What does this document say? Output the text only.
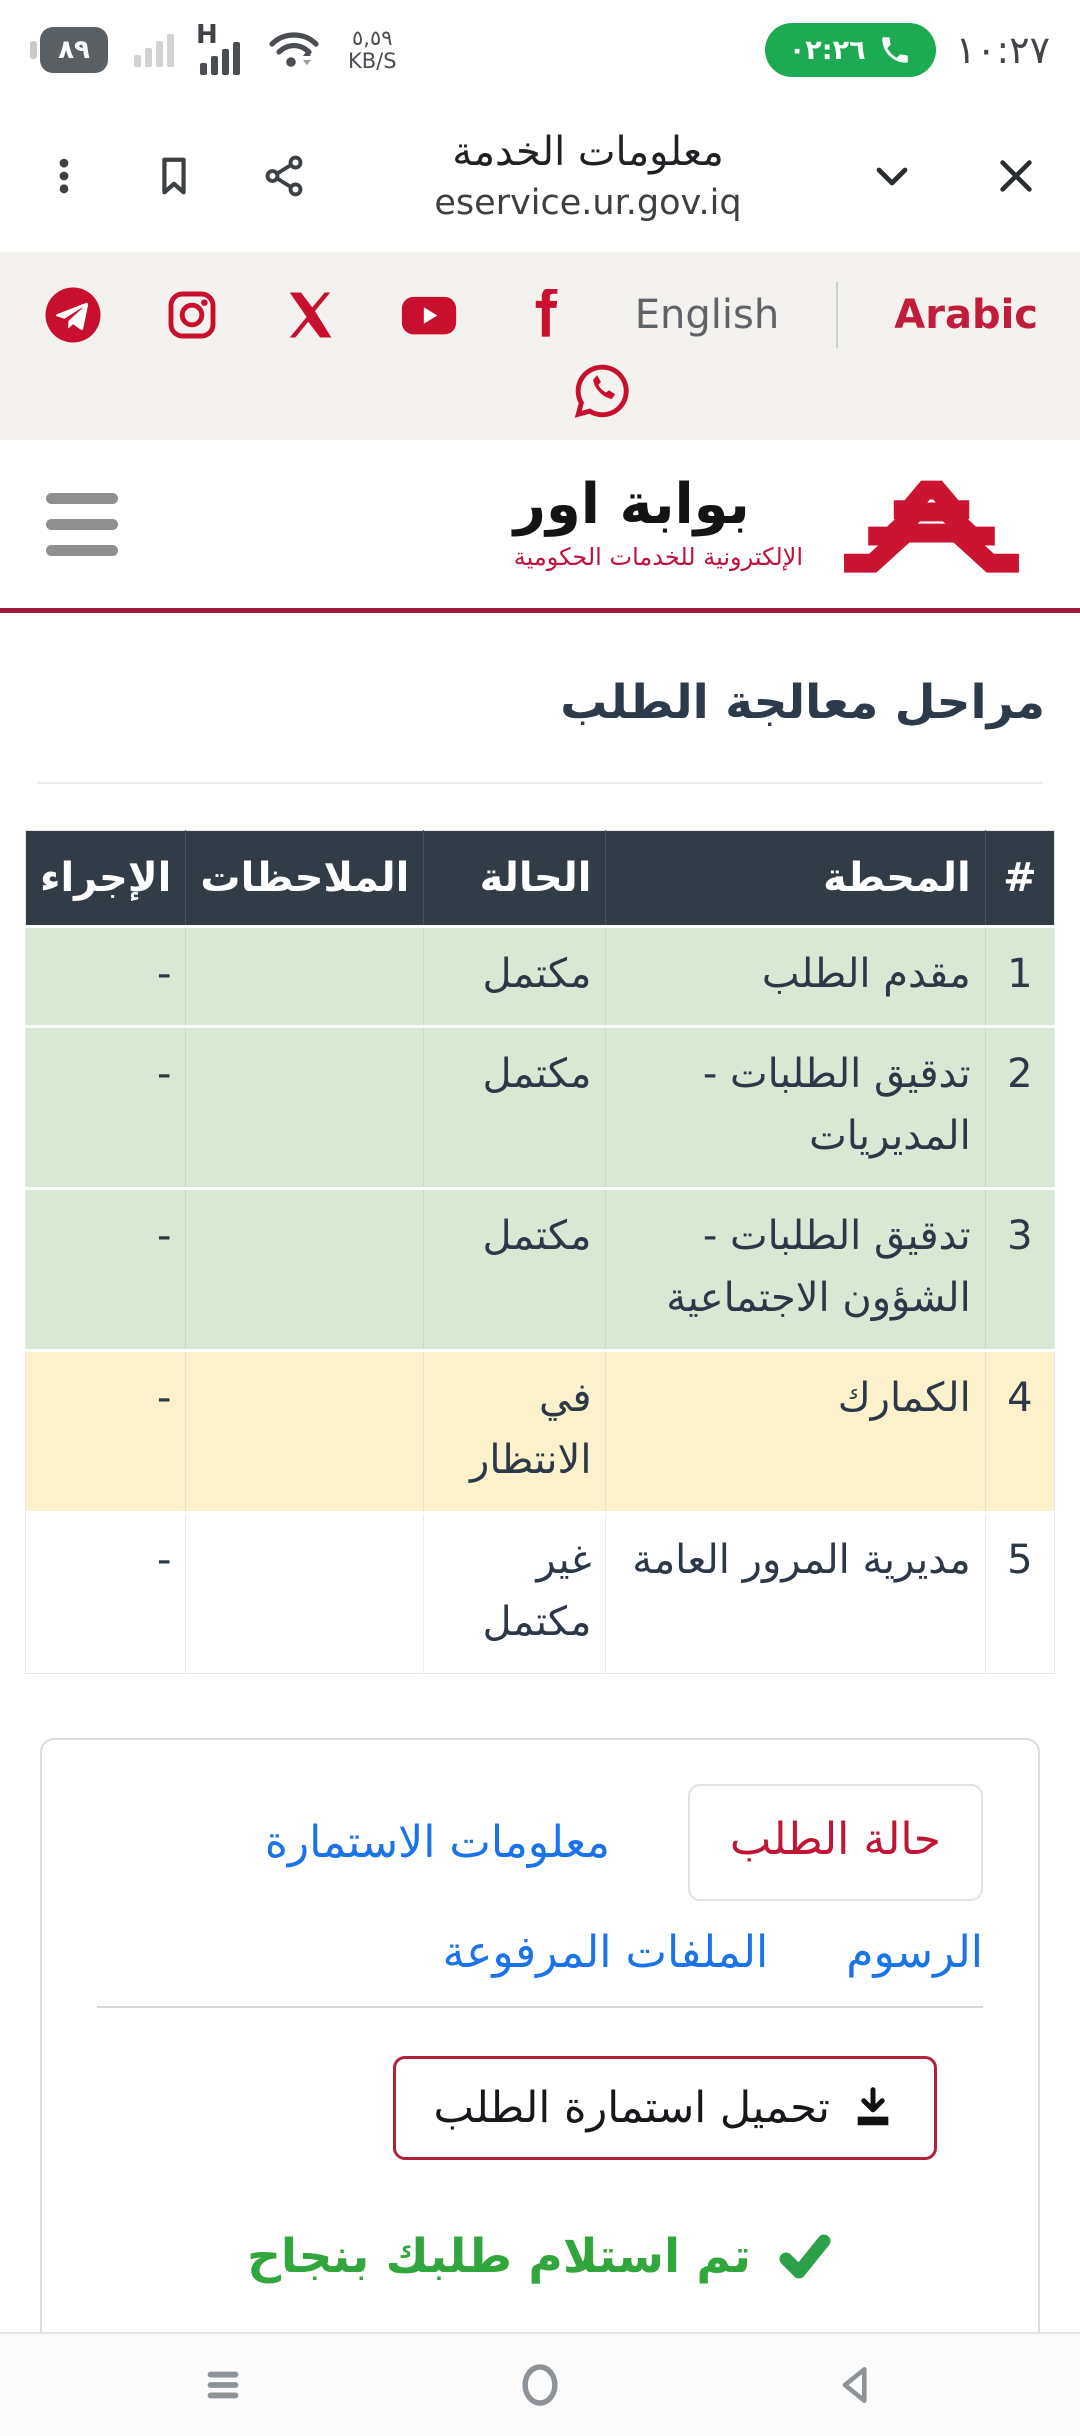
٨٩
H	٥,٥٩
KB/S	٠٢:٢٦ ١٠:٢٧
معلومات الخدمة
eservice.ur.gov.iq
English	Arabic
بوابة اور
الإلكترونية للخدمات الحكومية
مراحل معالجة الطلب
#	المحطة	الحالة	الملاحظات	الإجراء
1	مقدم الطلب	مكتمل		-
2	تدقيق الطلبات - المديريات	مكتمل		-
3	تدقيق الطلبات - الشؤون الاجتماعية	مكتمل		-
4	الكمارك	في الانتظار		-
5	مديرية المرور العامة	غير مكتمل		-
حالة الطلب
معلومات الاستمارة
الرسوم
الملفات المرفوعة
تحميل استمارة الطلب
تم استلام طلبك بنجاح
